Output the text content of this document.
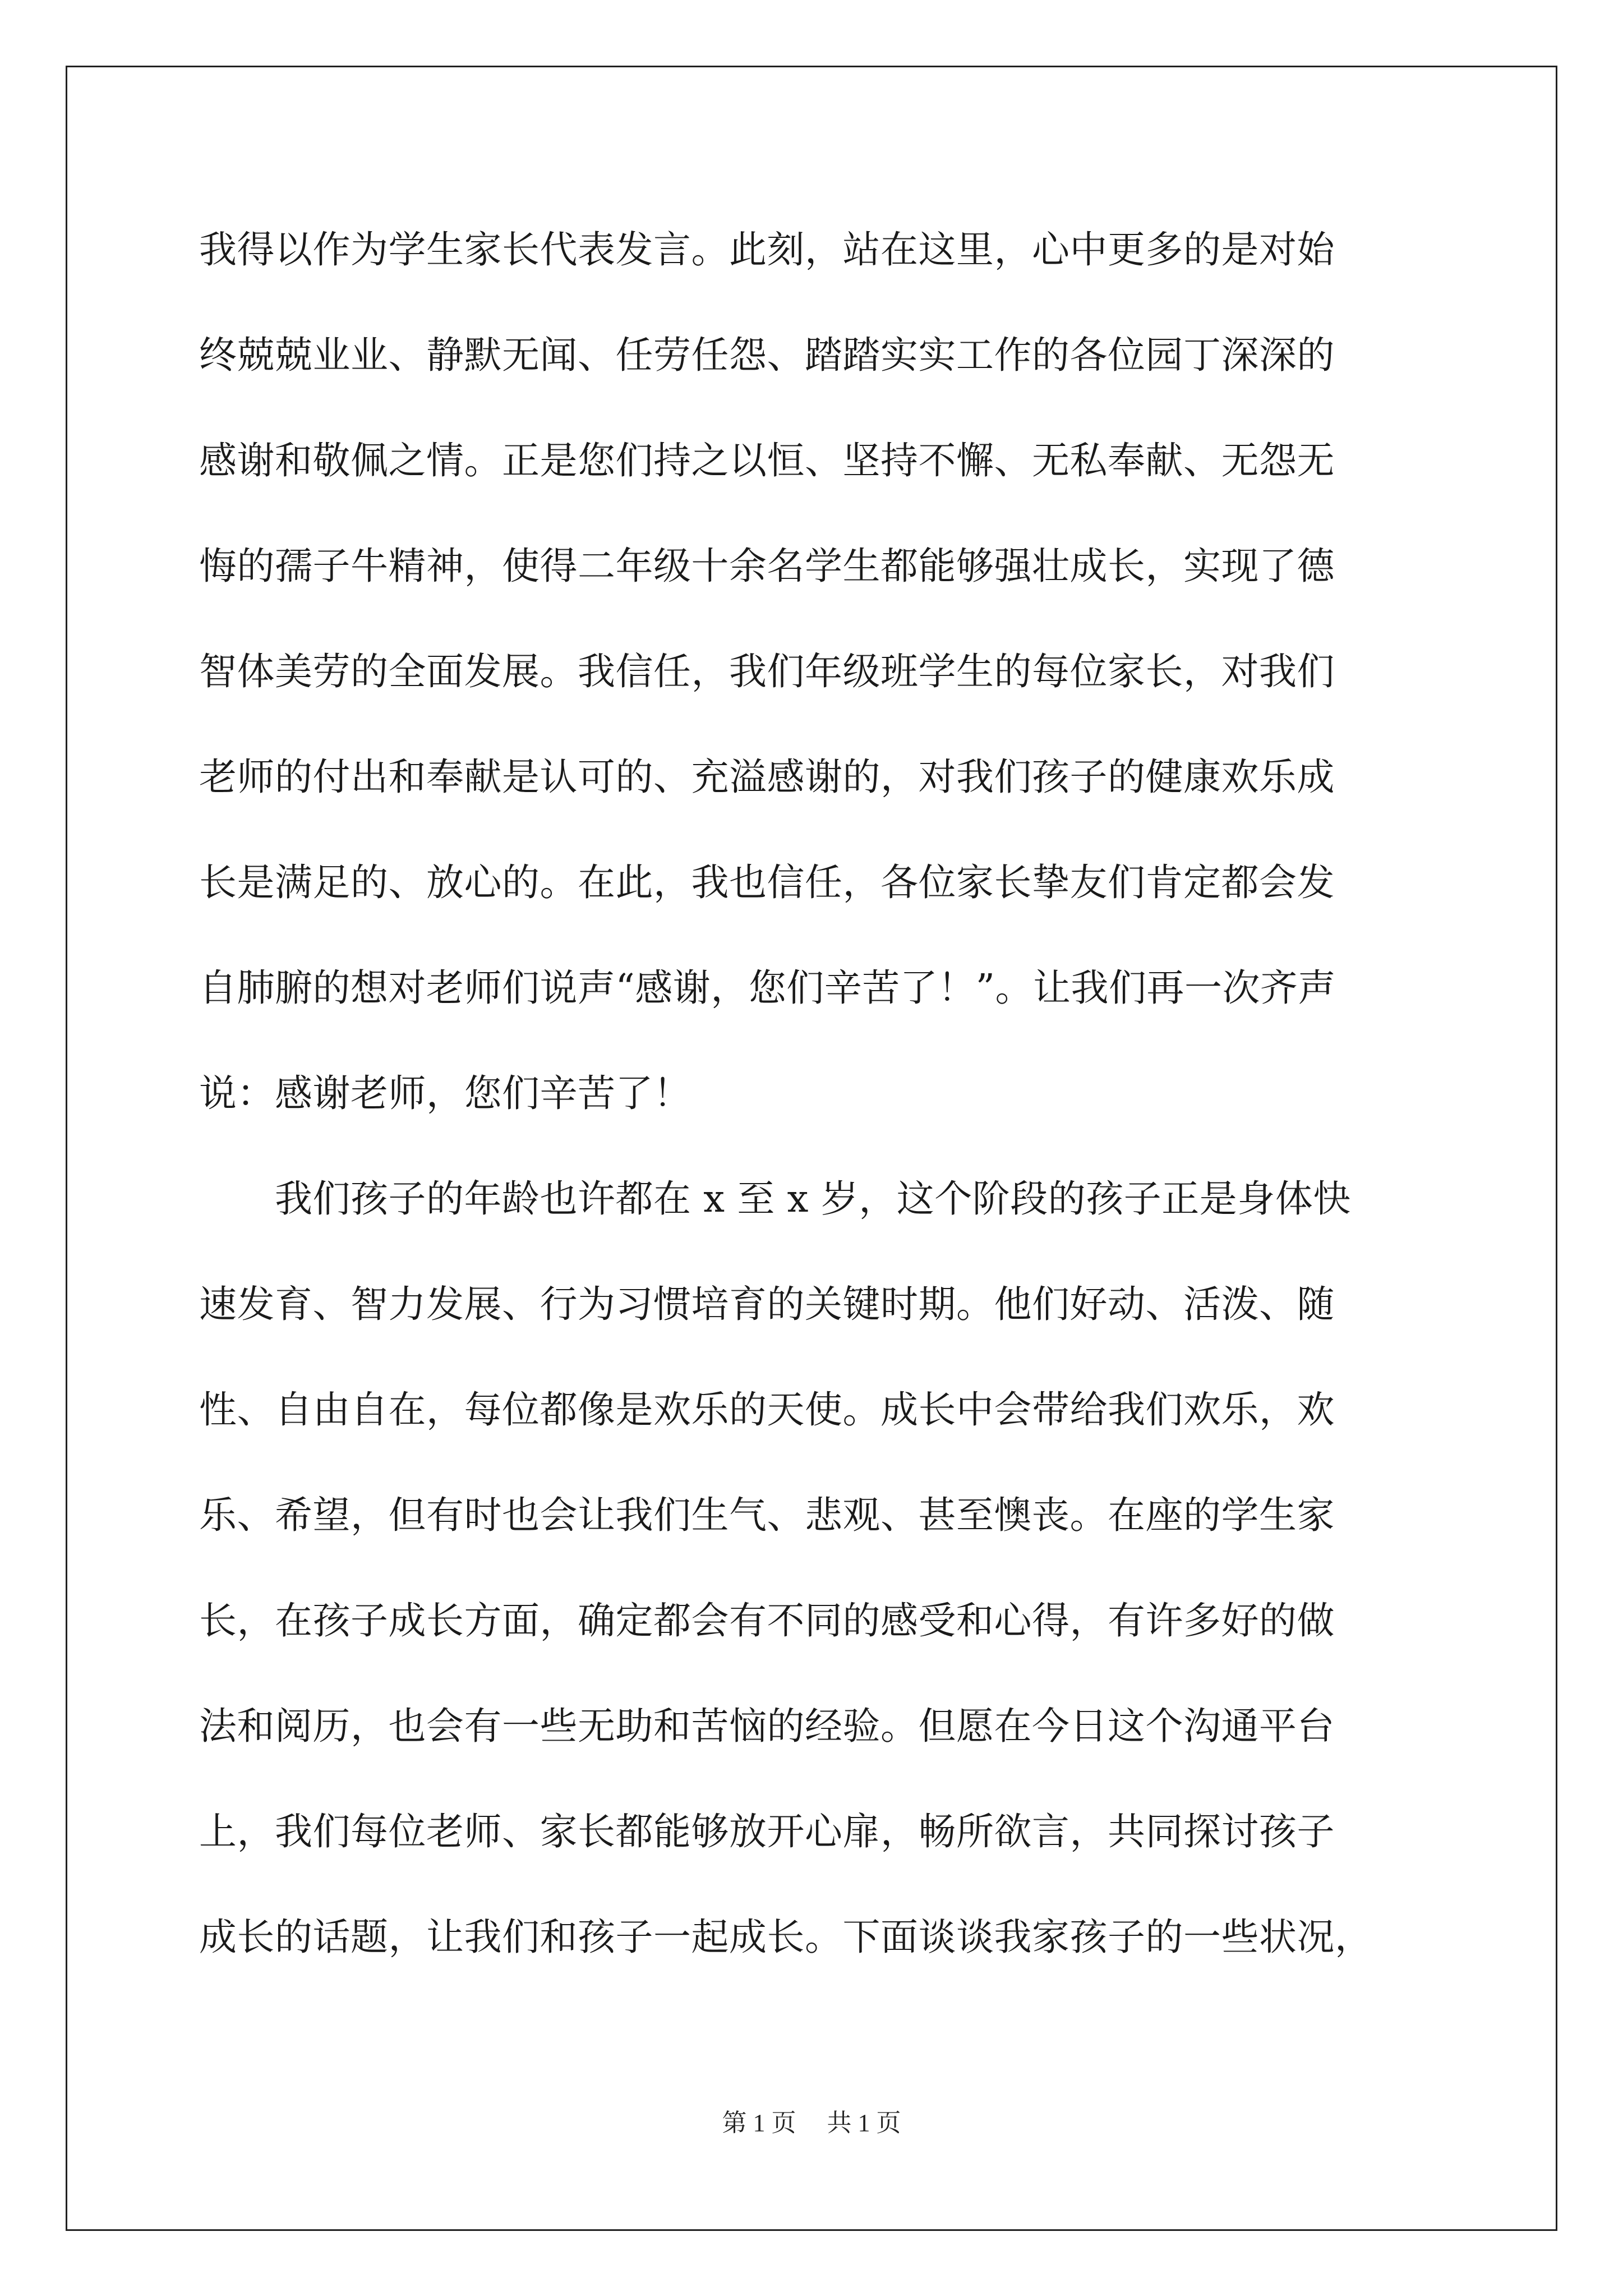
我得以作为学生家长代表发言。此刻，站在这里，心中更多的是对始
终兢兢业业、静默无闻、任劳任怨、踏踏实实工作的各位园丁深深的
感谢和敬佩之情。正是您们持之以恒、坚持不懈、无私奉献、无怨无
悔的孺子牛精神，使得二年级十余名学生都能够强壮成长，实现了德
智体美劳的全面发展。我信任，我们年级班学生的每位家长，对我们
老师的付出和奉献是认可的、充溢感谢的，对我们孩子的健康欢乐成
长是满足的、放心的。在此，我也信任，各位家长挚友们肯定都会发
自肺腑的想对老师们说声“感谢，您们辛苦了！”。让我们再一次齐声
说：感谢老师，您们辛苦了！
　　我们孩子的年龄也许都在 x 至 x 岁，这个阶段的孩子正是身体快
速发育、智力发展、行为习惯培育的关键时期。他们好动、活泼、随
性、自由自在，每位都像是欢乐的天使。成长中会带给我们欢乐，欢
乐、希望，但有时也会让我们生气、悲观、甚至懊丧。在座的学生家
长，在孩子成长方面，确定都会有不同的感受和心得，有许多好的做
法和阅历，也会有一些无助和苦恼的经验。但愿在今日这个沟通平台
上，我们每位老师、家长都能够放开心扉，畅所欲言，共同探讨孩子
成长的话题，让我们和孩子一起成长。下面谈谈我家孩子的一些状况，
第 1 页 共 1 页
